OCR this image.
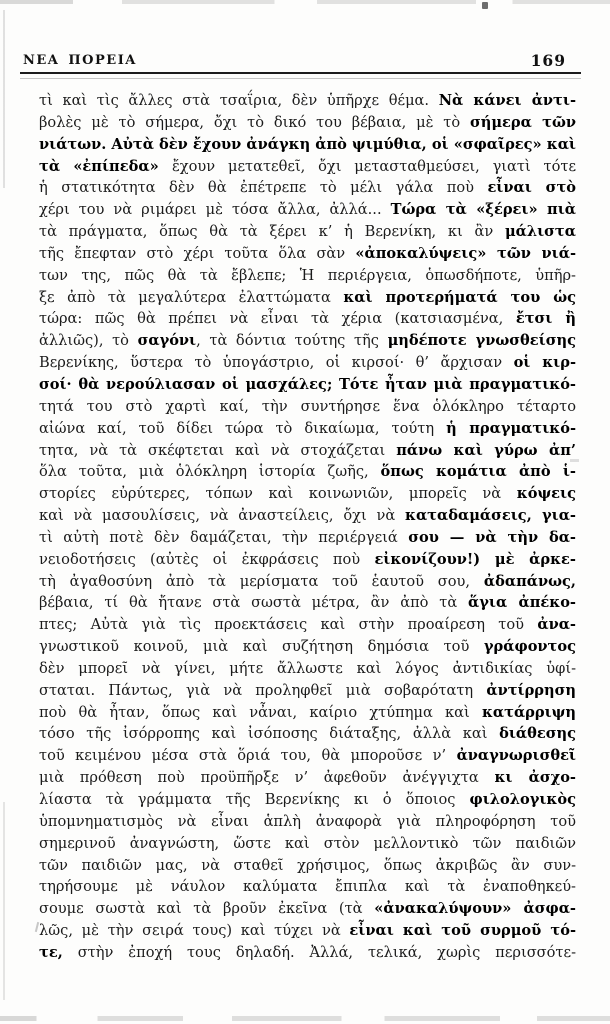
ΝΕΑ ΠΟΡΕΙΑ	169
τὶ καὶ τὶς ἄλλες στὰ τσαΐρια, δὲν ὑπῆρχε θέμα. Νὰ κάνει ἀντι-
βολὲς μὲ τὸ σήμερα, ὄχι τὸ δικό του βέβαια, μὲ τὸ σήμερα τῶν
νιάτων. Αὐτὰ δὲν ἔχουν ἀνάγκη ἀπὸ ψιμύθια, οἱ «σφαῖρες» καὶ
τὰ «ἐπίπεδα» ἔχουν μετατεθεῖ, ὄχι μετασταθμεύσει, γιατὶ τότε
ἡ στατικότητα δὲν θὰ ἐπέτρεπε τὸ μέλι γάλα ποὺ εἶναι στὸ
χέρι του νὰ ριμάρει μὲ τόσα ἄλλα, ἀλλά... Τώρα τὰ «ξέρει» πιὰ
τὰ πράγματα, ὅπως θὰ τὰ ξέρει κ’ ἡ Βερενίκη, κι ἂν μάλιστα
τῆς ἔπεφταν στὸ χέρι τοῦτα ὅλα σὰν «ἀποκαλύψεις» τῶν νιά-
των της, πῶς θὰ τὰ ἔβλεπε; Ἡ περιέργεια, ὁπωσδήποτε, ὑπῆρ-
ξε ἀπὸ τὰ μεγαλύτερα ἐλαττώματα καὶ προτερήματά του ὡς
τώρα: πῶς θὰ πρέπει νὰ εἶναι τὰ χέρια (κατσιασμένα, ἔτσι ἢ
ἀλλιῶς), τὸ σαγόνι, τὰ δόντια τούτης τῆς μηδέποτε γνωσθείσης
Βερενίκης, ὕστερα τὸ ὑπογάστριο, οἱ κιρσοί· θ’ ἄρχισαν οἱ κιρ-
σοί· θὰ νερούλιασαν οἱ μασχάλες; Τότε ἦταν μιὰ πραγματικό-
τητά του στὸ χαρτὶ καί, τὴν συντήρησε ἕνα ὁλόκληρο τέταρτο
αἰώνα καί, τοῦ δίδει τώρα τὸ δικαίωμα, τούτη ἡ πραγματικό-
τητα, νὰ τὰ σκέφτεται καὶ νὰ στοχάζεται πάνω καὶ γύρω ἀπ’
ὅλα τοῦτα, μιὰ ὁλόκληρη ἱστορία ζωῆς, ὅπως κομάτια ἀπὸ ἱ-
στορίες εὐρύτερες, τόπων καὶ κοινωνιῶν, μπορεῖς νὰ κόψεις
καὶ νὰ μασουλίσεις, νὰ ἀναστείλεις, ὄχι νὰ καταδαμάσεις, για-
τὶ αὐτὴ ποτὲ δὲν δαμάζεται, τὴν περιέργειά σου — νὰ τὴν δα-
νειοδοτήσεις (αὐτὲς οἱ ἐκφράσεις ποὺ εἰκονίζουν!) μὲ ἀρκε-
τὴ ἀγαθοσύνη ἀπὸ τὰ μερίσματα τοῦ ἑαυτοῦ σου, ἀδαπάνως,
βέβαια, τί θὰ ἤτανε στὰ σωστὰ μέτρα, ἂν ἀπὸ τὰ ἅγια ἀπέκο-
πτες; Αὐτὰ γιὰ τὶς προεκτάσεις καὶ στὴν προαίρεση τοῦ ἀνα-
γνωστικοῦ κοινοῦ, μιὰ καὶ συζήτηση δημόσια τοῦ γράφοντος
δὲν μπορεῖ νὰ γίνει, μήτε ἄλλωστε καὶ λόγος ἀντιδικίας ὑφί-
σταται. Πάντως, γιὰ νὰ προληφθεῖ μιὰ σοβαρότατη ἀντίρρηση
ποὺ θὰ ἦταν, ὅπως καὶ νἆναι, καίριο χτύπημα καὶ κατάρριψη
τόσο τῆς ἰσόρροπης καὶ ἰσόποσης διάταξης, ἀλλὰ καὶ διάθεσης
τοῦ κειμένου μέσα στὰ ὅριά του, θὰ μποροῦσε ν’ ἀναγνωρισθεῖ
μιὰ πρόθεση ποὺ προϋπῆρξε ν’ ἀφεθοῦν ἀνέγγιχτα κι ἀσχο-
λίαστα τὰ γράμματα τῆς Βερενίκης κι ὁ ὅποιος φιλολογικὸς
ὑπομνηματισμὸς νὰ εἶναι ἁπλὴ ἀναφορὰ γιὰ πληροφόρηση τοῦ
σημερινοῦ ἀναγνώστη, ὥστε καὶ στὸν μελλοντικὸ τῶν παιδιῶν
τῶν παιδιῶν μας, νὰ σταθεῖ χρήσιμος, ὅπως ἀκριβῶς ἂν συν-
τηρήσουμε μὲ νάυλον καλύματα ἔπιπλα καὶ τὰ ἐναποθηκεύ-
σουμε σωστὰ καὶ τὰ βροῦν ἐκεῖνα (τὰ «ἀνακαλύψουν» ἀσφα-
λῶς, μὲ τὴν σειρά τους) καὶ τύχει νὰ εἶναι καὶ τοῦ συρμοῦ τό-
τε, στὴν ἐποχή τους δηλαδή. Ἀλλά, τελικά, χωρὶς περισσότε-
